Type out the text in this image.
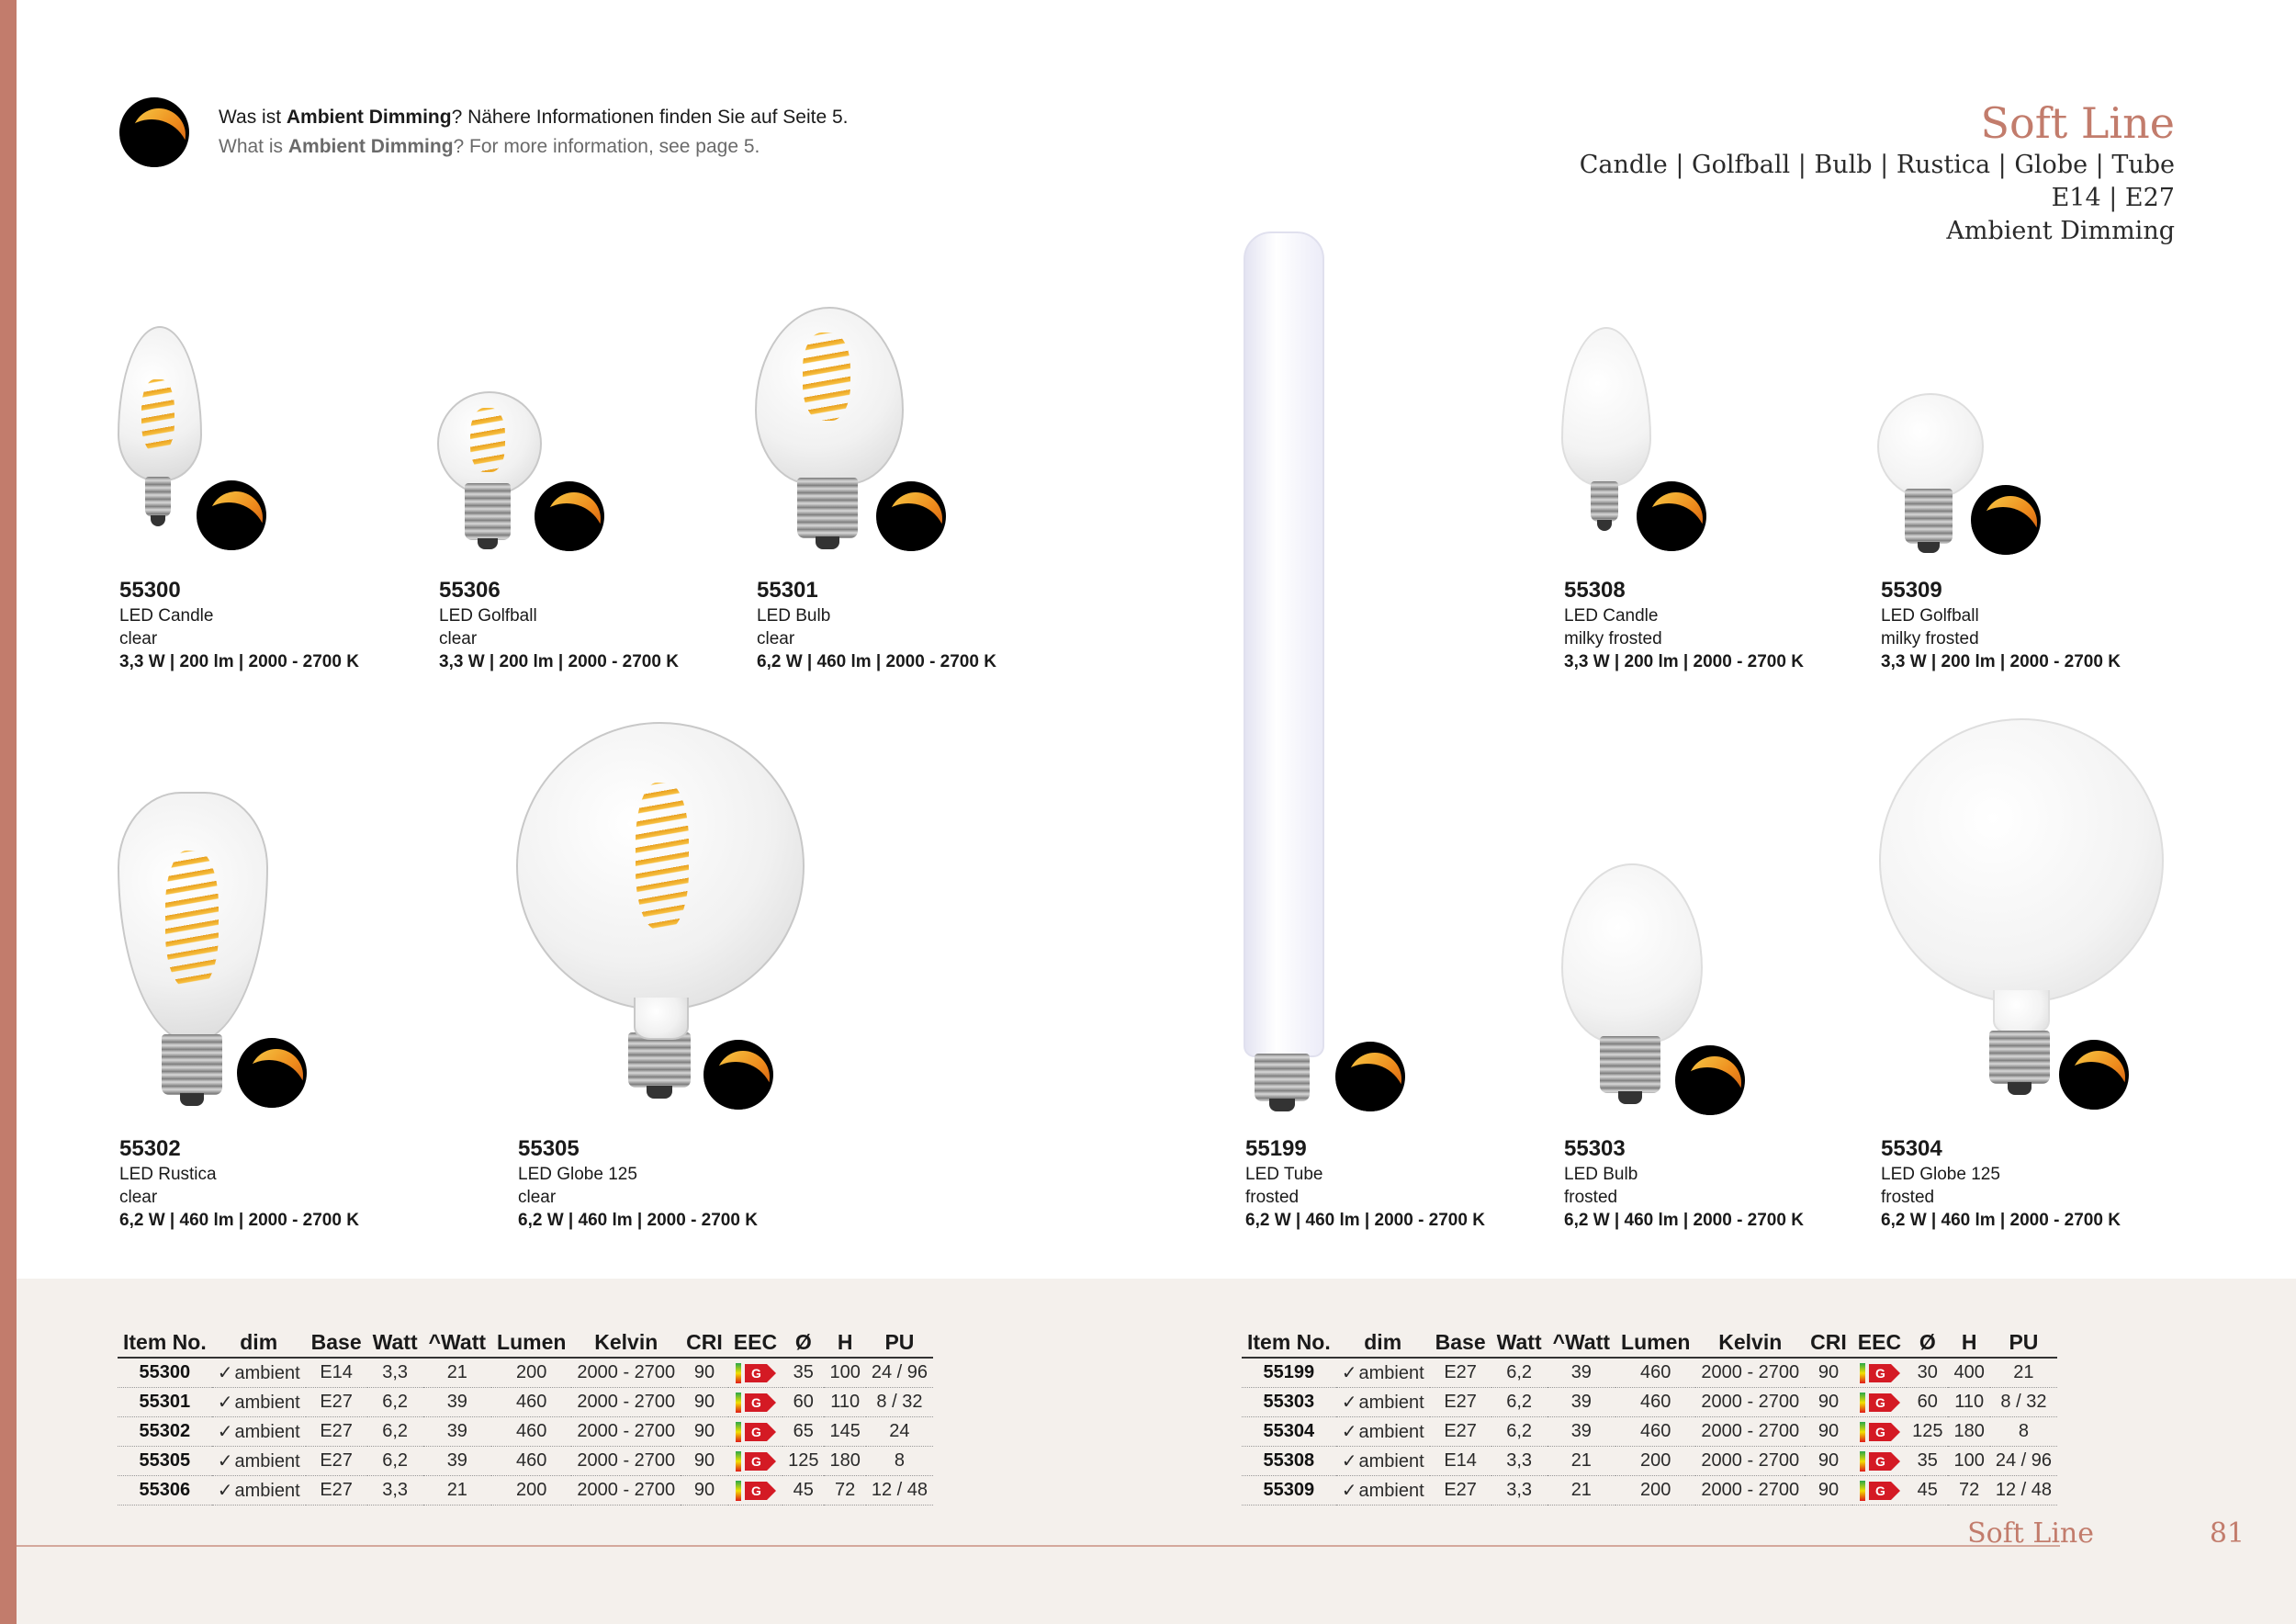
Was ist Ambient Dimming? Nähere Informationen finden Sie auf Seite 5.
What is Ambient Dimming? For more information, see page 5.	Soft Line
Candle | Golfball | Bulb | Rustica | Globe | Tube
E14 | E27
Ambient Dimming
55300
LED Candle
clear
3,3 W | 200 lm | 2000 - 2700 K
55306
LED Golfball
clear
3,3 W | 200 lm | 2000 - 2700 K
55301
LED Bulb
clear
6,2 W | 460 lm | 2000 - 2700 K
55308
LED Candle
milky frosted
3,3 W | 200 lm | 2000 - 2700 K
55309
LED Golfball
milky frosted
3,3 W | 200 lm | 2000 - 2700 K
55302
LED Rustica
clear
6,2 W | 460 lm | 2000 - 2700 K
55305
LED Globe 125
clear
6,2 W | 460 lm | 2000 - 2700 K
55199
LED Tube
frosted
6,2 W | 460 lm | 2000 - 2700 K
55303
LED Bulb
frosted
6,2 W | 460 lm | 2000 - 2700 K
55304
LED Globe 125
frosted
6,2 W | 460 lm | 2000 - 2700 K
Item No.	dim	Base	Watt	^Watt	Lumen	Kelvin	CRI	EEC	Ø	H	PU
55300	✓ ambient	E14	3,3	21	200	2000 - 2700	90	G	35	100	24 / 96
55301	✓ ambient	E27	6,2	39	460	2000 - 2700	90	G	60	110	8 / 32
55302	✓ ambient	E27	6,2	39	460	2000 - 2700	90	G	65	145	24
55305	✓ ambient	E27	6,2	39	460	2000 - 2700	90	G	125	180	8
55306	✓ ambient	E27	3,3	21	200	2000 - 2700	90	G	45	72	12 / 48
Item No.	dim	Base	Watt	^Watt	Lumen	Kelvin	CRI	EEC	Ø	H	PU
55199	✓ ambient	E27	6,2	39	460	2000 - 2700	90	G	30	400	21
55303	✓ ambient	E27	6,2	39	460	2000 - 2700	90	G	60	110	8 / 32
55304	✓ ambient	E27	6,2	39	460	2000 - 2700	90	G	125	180	8
55308	✓ ambient	E14	3,3	21	200	2000 - 2700	90	G	35	100	24 / 96
55309	✓ ambient	E27	3,3	21	200	2000 - 2700	90	G	45	72	12 / 48
Soft Line	81
